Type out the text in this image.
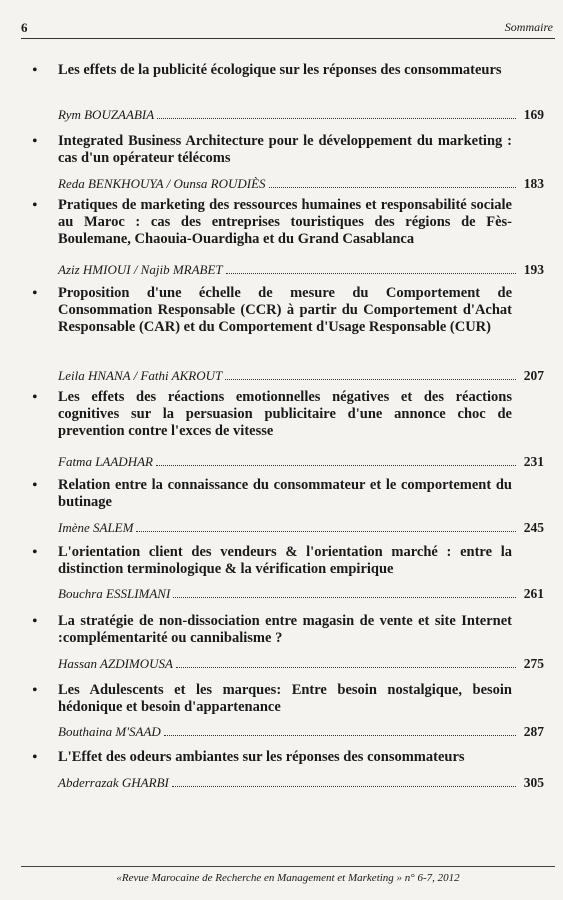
6	Sommaire
• Les effets de la publicité écologique sur les réponses des consommateurs
Rym BOUZAABIA	169
• Integrated Business Architecture pour le développement du marketing : cas d'un opérateur télécoms
Reda BENKHOUYA / Ounsa ROUDIÈS	183
• Pratiques de marketing des ressources humaines et responsabilité sociale au Maroc : cas des entreprises touristiques des régions de Fès-Boulemane, Chaouia-Ouardigha et du Grand Casablanca
Aziz HMIOUI / Najib MRABET	193
• Proposition d'une échelle de mesure du Comportement de Consommation Responsable (CCR) à partir du Comportement d'Achat Responsable (CAR) et du Comportement d'Usage Responsable (CUR)
Leila HNANA / Fathi AKROUT	207
• Les effets des réactions emotionnelles négatives et des réactions cognitives sur la persuasion publicitaire d'une annonce choc de prevention contre l'exces de vitesse
Fatma LAADHAR	231
• Relation entre la connaissance du consommateur et le comportement du butinage
Imène SALEM	245
• L'orientation client des vendeurs & l'orientation marché : entre la distinction terminologique & la vérification empirique
Bouchra ESSLIMANI	261
• La stratégie de non-dissociation entre magasin de vente et site Internet :complémentarité ou cannibalisme ?
Hassan AZDIMOUSA	275
• Les Adulescents et les marques: Entre besoin nostalgique, besoin hédonique et besoin d'appartenance
Bouthaina M'SAAD	287
• L'Effet des odeurs ambiantes sur les réponses des consommateurs
Abderrazak GHARBI	305
«Revue Marocaine de Recherche en Management et Marketing » n° 6-7, 2012
